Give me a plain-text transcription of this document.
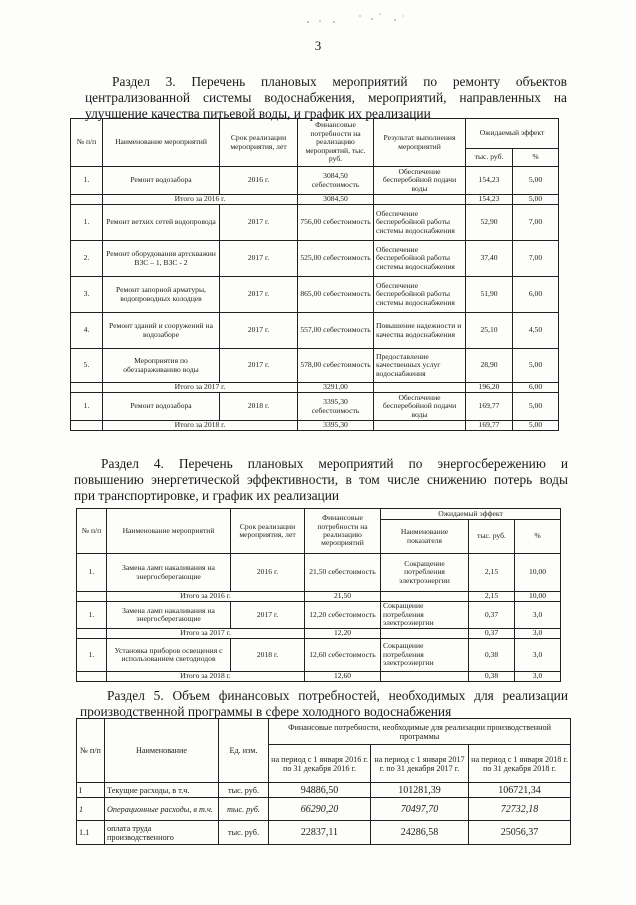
3
Раздел 3. Перечень плановых мероприятий по ремонту объектов
централизованной системы водоснабжения, мероприятий, направленных на
улучшение качества питьевой воды, и график их реализации
№ п/п	Наименование мероприятий	Срок реализации мероприятия, лет	Финансовые потребности на реализацию мероприятий, тыс. руб.	Результат выполнения мероприятий	Ожидаемый эффект	
					тыс. руб.	%
1.	Ремонт водозабора	2016 г.	3084,50 себестоимость	Обеспечение бесперебойной подачи воды	154,23	5,00
	Итого за 2016 г.		3084,50		154,23	5,00
1.	Ремонт ветхих сетей водопровода	2017 г.	756,00 себестоимость	Обеспечение бесперебойной работы системы водоснабжения	52,90	7,00
2.	Ремонт оборудования артскважин ВЗС – 1, ВЗС - 2	2017 г.	525,00 себестоимость	Обеспечение бесперебойной работы системы водоснабжения	37,40	7,00
3.	Ремонт запорной арматуры, водопроводных колодцев	2017 г.	865,00 себестоимость	Обеспечение бесперебойной работы системы водоснабжения	51,90	6,00
4.	Ремонт зданий и сооружений на водозаборе	2017 г.	557,00 себестоимость	Повышение надежности и качества водоснабжения	25,10	4,50
5.	Мероприятия по обеззараживанию воды	2017 г.	578,00 себестоимость	Предоставление качественных услуг водоснабжения	28,90	5,00
	Итого за 2017 г.		3291,00		196,20	6,00
1.	Ремонт водозабора	2018 г.	3395,30 себестоимость	Обеспечение бесперебойной подачи воды	169,77	5,00
	Итого за 2018 г.		3395,30		169,77	5,00
Раздел 4. Перечень плановых мероприятий по энергосбережению и
повышению энергетической эффективности, в том числе снижению потерь воды
при транспортировке, и график их реализации
№ п/п	Наименование мероприятий	Срок реализации мероприятия, лет	Финансовые потребности на реализацию мероприятий	Ожидаемый эффект		
				Наименование показателя	тыс. руб.	%
1.	Замена ламп накаливания на энергосберегающие	2016 г.	21,50 себестоимость	Сокращение потребления электроэнергии	2,15	10,00
	Итого за 2016 г.		21,50		2,15	10,00
1.	Замена ламп накаливания на энергосберегающие	2017 г.	12,20 себестоимость	Сокращение потребления электроэнергии	0,37	3,0
	Итого за 2017 г.		12,20		0,37	3,0
1.	Установка приборов освещения с использованием светодиодов	2018 г.	12,60 себестоимость	Сокращение потребления электроэнергии	0,38	3,0
	Итого за 2018 г.		12,60		0,38	3,0
Раздел 5. Объем финансовых потребностей, необходимых для реализации
производственной программы в сфере холодного водоснабжения
№ п/п	Наименование	Ед. изм.	Финансовые потребности, необходимые для реализации производственной программы		
			на период с 1 января 2016 г. по 31 декабря 2016 г.	на период с 1 января 2017 г. по 31 декабря 2017 г.	на период с 1 января 2018 г. по 31 декабря 2018 г.
I	Текущие расходы, в т.ч.	тыс. руб.	94886,50	101281,39	106721,34
1	Операционные расходы, в т.ч.	тыс. руб.	66290,20	70497,70	72732,18
1.1	оплата труда производственного	тыс. руб.	22837,11	24286,58	25056,37
